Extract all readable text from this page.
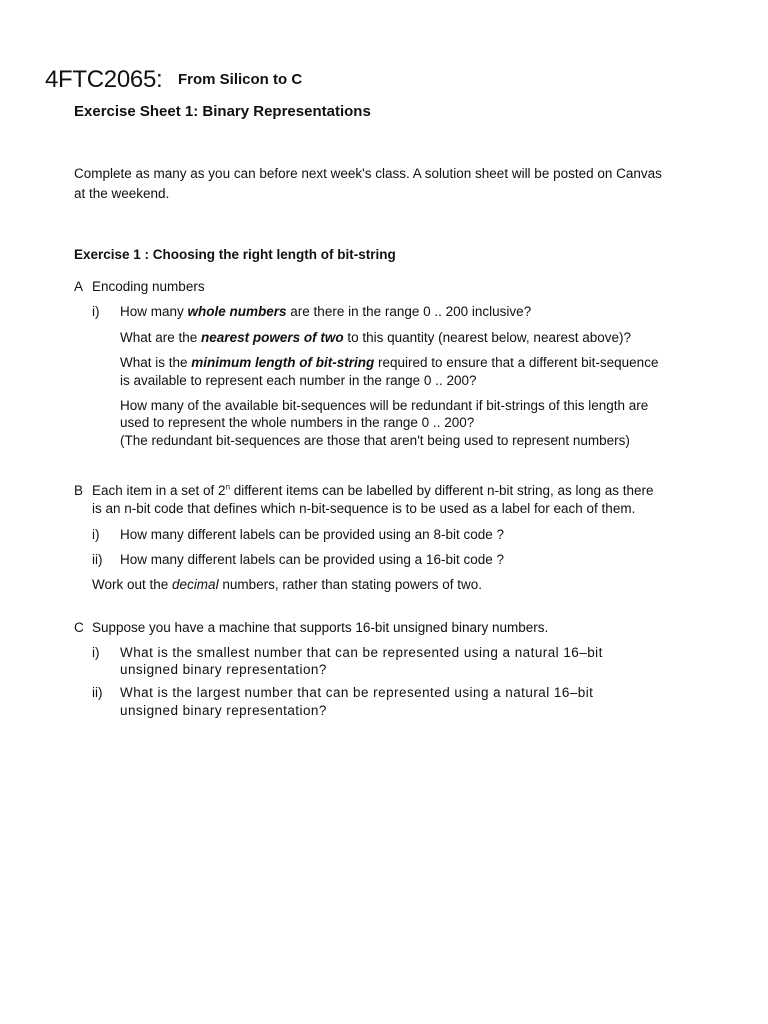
4FTC2065: From Silicon to C
Exercise Sheet 1: Binary Representations
Complete as many as you can before next week's class. A solution sheet will be posted on Canvas
at the weekend.
Exercise 1 : Choosing the right length of bit-string
A Encoding numbers
i) How many whole numbers are there in the range 0 .. 200 inclusive?
What are the nearest powers of two to this quantity (nearest below, nearest above)?
What is the minimum length of bit-string required to ensure that a different bit-sequence
is available to represent each number in the range 0 .. 200?
How many of the available bit-sequences will be redundant if bit-strings of this length are
used to represent the whole numbers in the range 0 .. 200?
(The redundant bit-sequences are those that aren't being used to represent numbers)
B Each item in a set of 2$^n$ different items can be labelled by different n-bit string, as long as there
is an n-bit code that defines which n-bit-sequence is to be used as a label for each of them.
i) How many different labels can be provided using an 8-bit code ?
ii) How many different labels can be provided using a 16-bit code ?
Work out the decimal numbers, rather than stating powers of two.
C Suppose you have a machine that supports 16-bit unsigned binary numbers.
i) What is the smallest number that can be represented using a natural 16–bit
unsigned binary representation?
ii) What is the largest number that can be represented using a natural 16–bit
unsigned binary representation?
